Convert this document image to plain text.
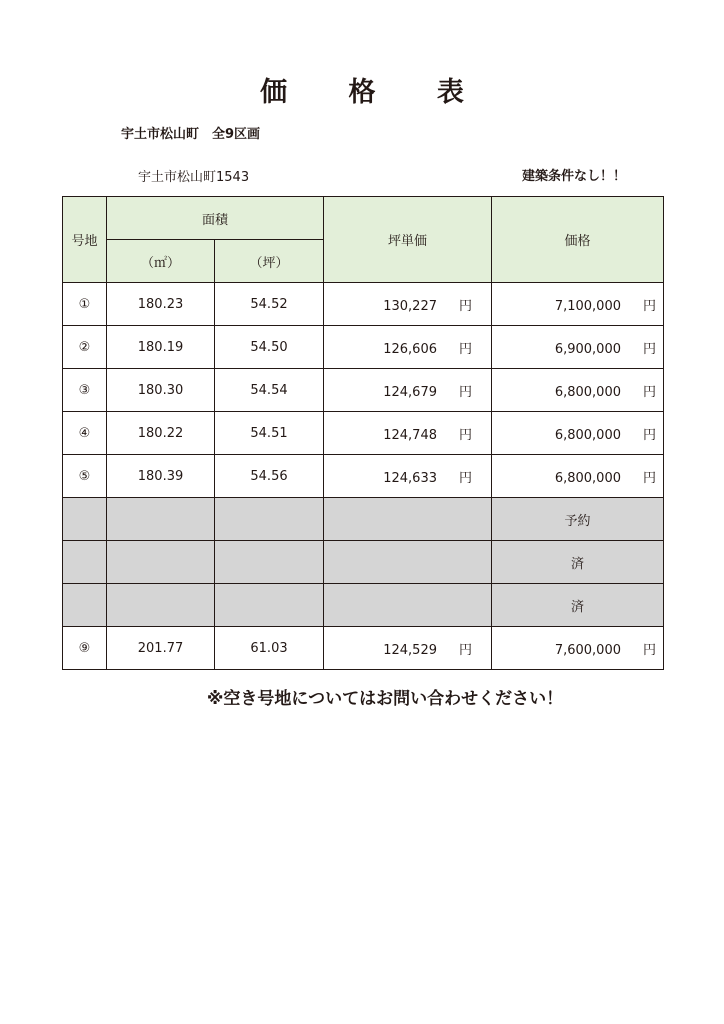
価 格 表
宇土市松山町　全9区画
宇土市松山町1543	建築条件なし！！
号地	面積		坪単価	価格
	（㎡）	（坪）		
①	180.23	54.52	130,227 円	7,100,000 円
②	180.19	54.50	126,606 円	6,900,000 円
③	180.30	54.54	124,679 円	6,800,000 円
④	180.22	54.51	124,748 円	6,800,000 円
⑤	180.39	54.56	124,633 円	6,800,000 円
				予約
				済
				済
⑨	201.77	61.03	124,529 円	7,600,000 円
※空き号地についてはお問い合わせください！
